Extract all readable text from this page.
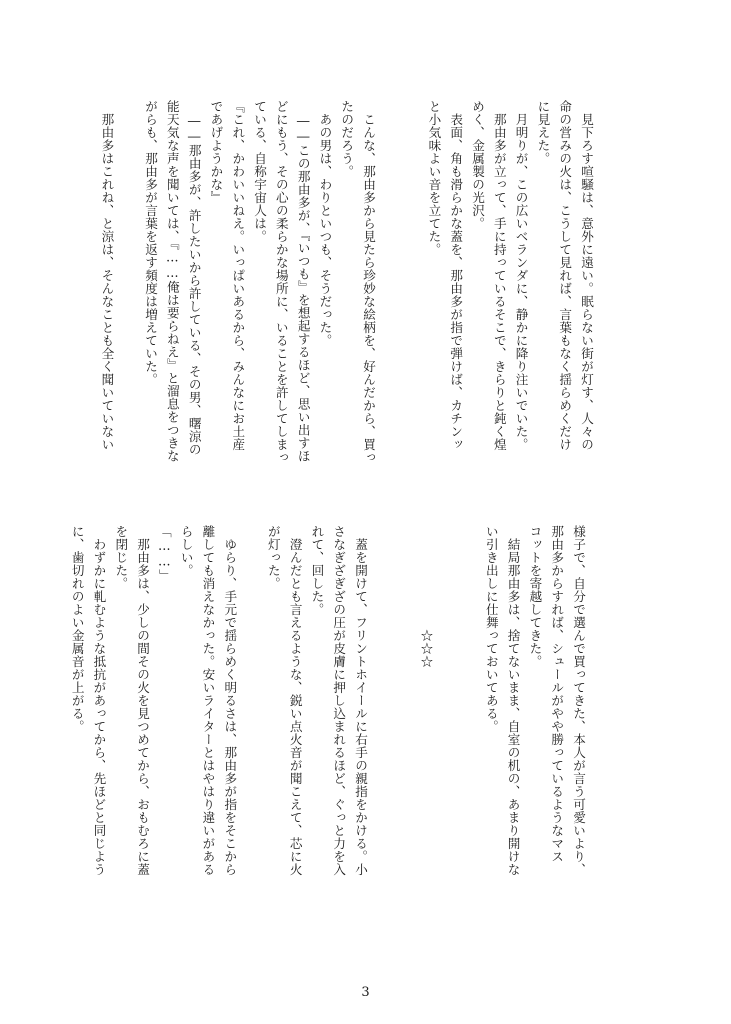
　見下ろす喧騒は、意外に遠い。眠らない街が灯す、人々の
命の営みの火は、こうして見れば、言葉もなく揺らめくだけ
に見えた。
　月明りが、この広いベランダに、静かに降り注いでいた。
　那由多が立って、手に持っているそこで、きらりと鈍く煌
めく、金属製の光沢。
　表面、角も滑らかな蓋を、那由多が指で弾けば、カチンッ
と小気味よい音を立てた。

　こんな、那由多から見たら珍妙な絵柄を、好んだから、買っ
たのだろう。
　あの男は、わりといつも、そうだった。
　――この那由多が、『いつも』を想起するほど、思い出すほ
どにもう、その心の柔らかな場所に、いることを許してしまっ
ている、自称宇宙人は。
『これ、かわいいねえ。いっぱいあるから、みんなにお土産
であげようかな』
　――那由多が、許したいから許している、その男、曙涼の
能天気な声を聞いては、『……俺は要らねえ』と溜息をつきな
がらも、那由多が言葉を返す頻度は増えていた。

　那由多はこれね、と涼は、そんなことも全く聞いていない
様子で、自分で選んで買ってきた、本人が言う可愛いより、
那由多からすれば、シュールがやや勝っているようなマス
コットを寄越してきた。
　結局那由多は、捨てないまま、自室の机の、あまり開けな
い引き出しに仕舞っておいてある。

　　　　　　　　☆☆☆

　蓋を開けて、フリントホイールに右手の親指をかける。小
さなぎざぎざの圧が皮膚に押し込まれるほど、ぐっと力を入
れて、回した。
　澄んだとも言えるような、鋭い点火音が聞こえて、芯に火
が灯った。

　ゆらり、手元で揺らめく明るさは、那由多が指をそこから
離しても消えなかった。安いライターとはやはり違いがある
らしい。
「……」
　那由多は、少しの間その火を見つめてから、おもむろに蓋
を閉じた。
　わずかに軋むような抵抗があってから、先ほどと同じよう
に、歯切れのよい金属音が上がる。
3
